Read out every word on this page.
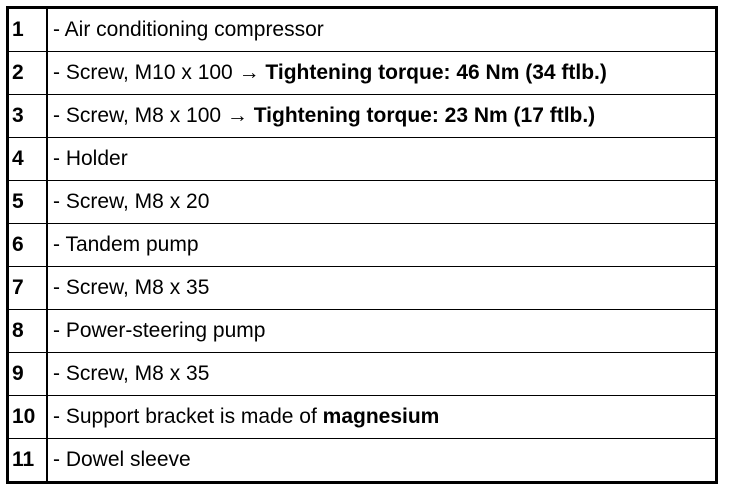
1	- Air conditioning compressor
2	- Screw, M10 x 100 → Tightening torque: 46 Nm (34 ftlb.)
3	- Screw, M8 x 100 → Tightening torque: 23 Nm (17 ftlb.)
4	- Holder
5	- Screw, M8 x 20
6	- Tandem pump
7	- Screw, M8 x 35
8	- Power-steering pump
9	- Screw, M8 x 35
10	- Support bracket is made of magnesium
11	- Dowel sleeve
